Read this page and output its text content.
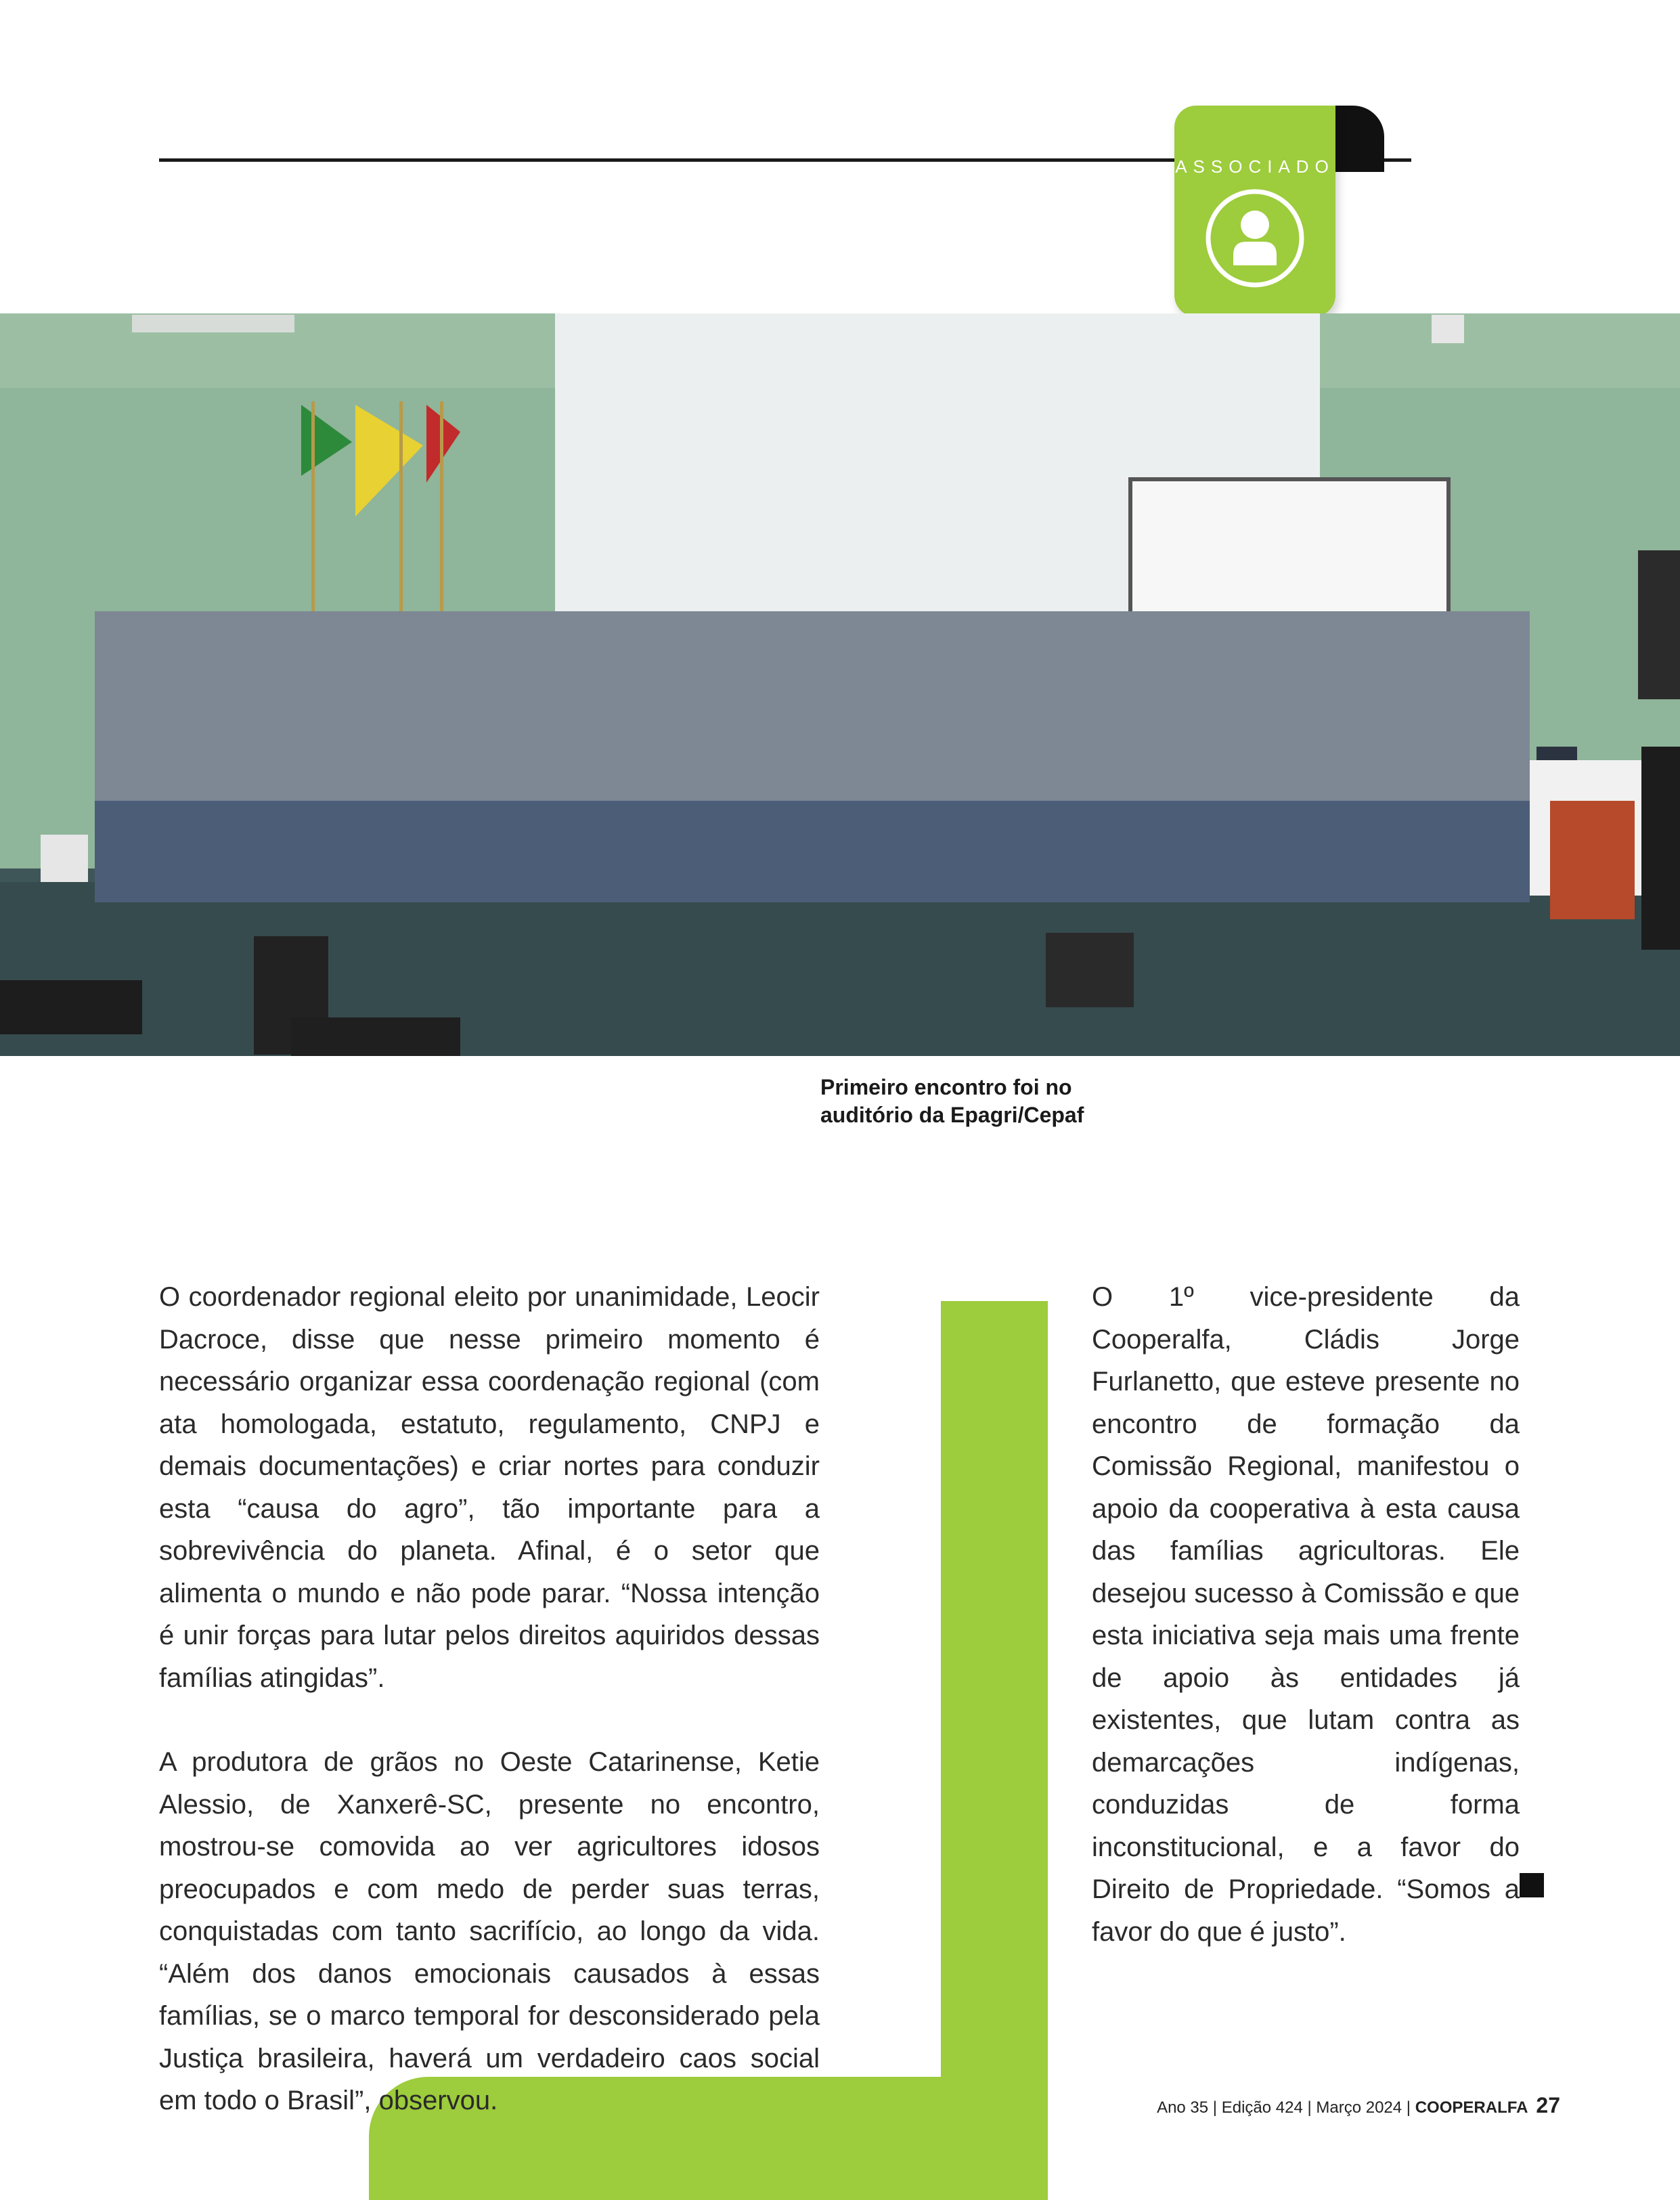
ASSOCIADO
Primeiro encontro foi no
auditório da Epagri/Cepaf

O coordenador regional eleito por unanimidade, Leocir Dacroce, disse que nesse primeiro momento é necessário organizar essa coordenação regional (com ata homologada, estatuto, regulamento, CNPJ e demais documentações) e criar nortes para conduzir esta “causa do agro”, tão importante para a sobrevivência do planeta. Afinal, é o setor que alimenta o mundo e não pode parar. “Nossa intenção é unir forças para lutar pelos direitos aquiridos dessas famílias atingidas”.

A produtora de grãos no Oeste Catarinense, Ketie Alessio, de Xanxerê-SC, presente no encontro, mostrou-se comovida ao ver agricultores idosos preocupados e com medo de perder suas terras, conquistadas com tanto sacrifício, ao longo da vida. “Além dos danos emocionais causados à essas famílias, se o marco temporal for desconsiderado pela Justiça brasileira, haverá um verdadeiro caos social em todo o Brasil”, observou.

O 1º vice-presidente da Cooperalfa, Cládis Jorge Furlanetto, que esteve presente no encontro de formação da Comissão Regional, manifestou o apoio da cooperativa à esta causa das famílias agricultoras. Ele desejou sucesso à Comissão e que esta iniciativa seja mais uma frente de apoio às entidades já existentes, que lutam contra as demarcações indígenas, conduzidas de forma inconstitucional, e a favor do Direito de Propriedade. “Somos a favor do que é justo”.

Ano 35 | Edição 424 | Março 2024 | COOPERALFA 27
